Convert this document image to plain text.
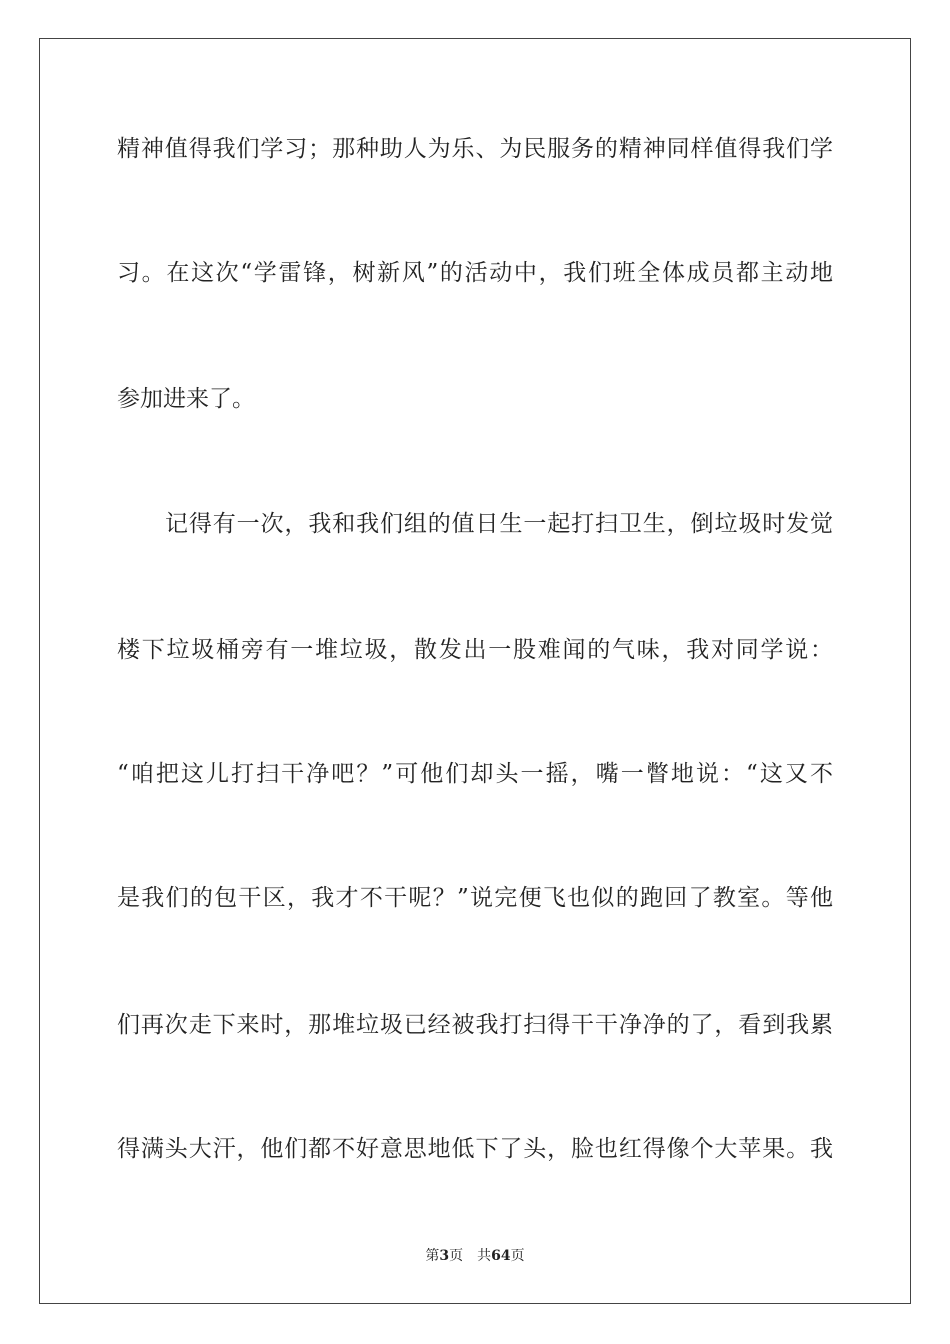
精神值得我们学习；那种助人为乐、为民服务的精神同样值得我们学
习。在这次“学雷锋，树新风”的活动中，我们班全体成员都主动地
参加进来了。
记得有一次，我和我们组的值日生一起打扫卫生，倒垃圾时发觉
楼下垃圾桶旁有一堆垃圾，散发出一股难闻的气味，我对同学说：
“咱把这儿打扫干净吧？”可他们却头一摇，嘴一瞥地说：“这又不
是我们的包干区，我才不干呢？”说完便飞也似的跑回了教室。等他
们再次走下来时，那堆垃圾已经被我打扫得干干净净的了，看到我累
得满头大汗，他们都不好意思地低下了头，脸也红得像个大苹果。我
第3页 共64页
